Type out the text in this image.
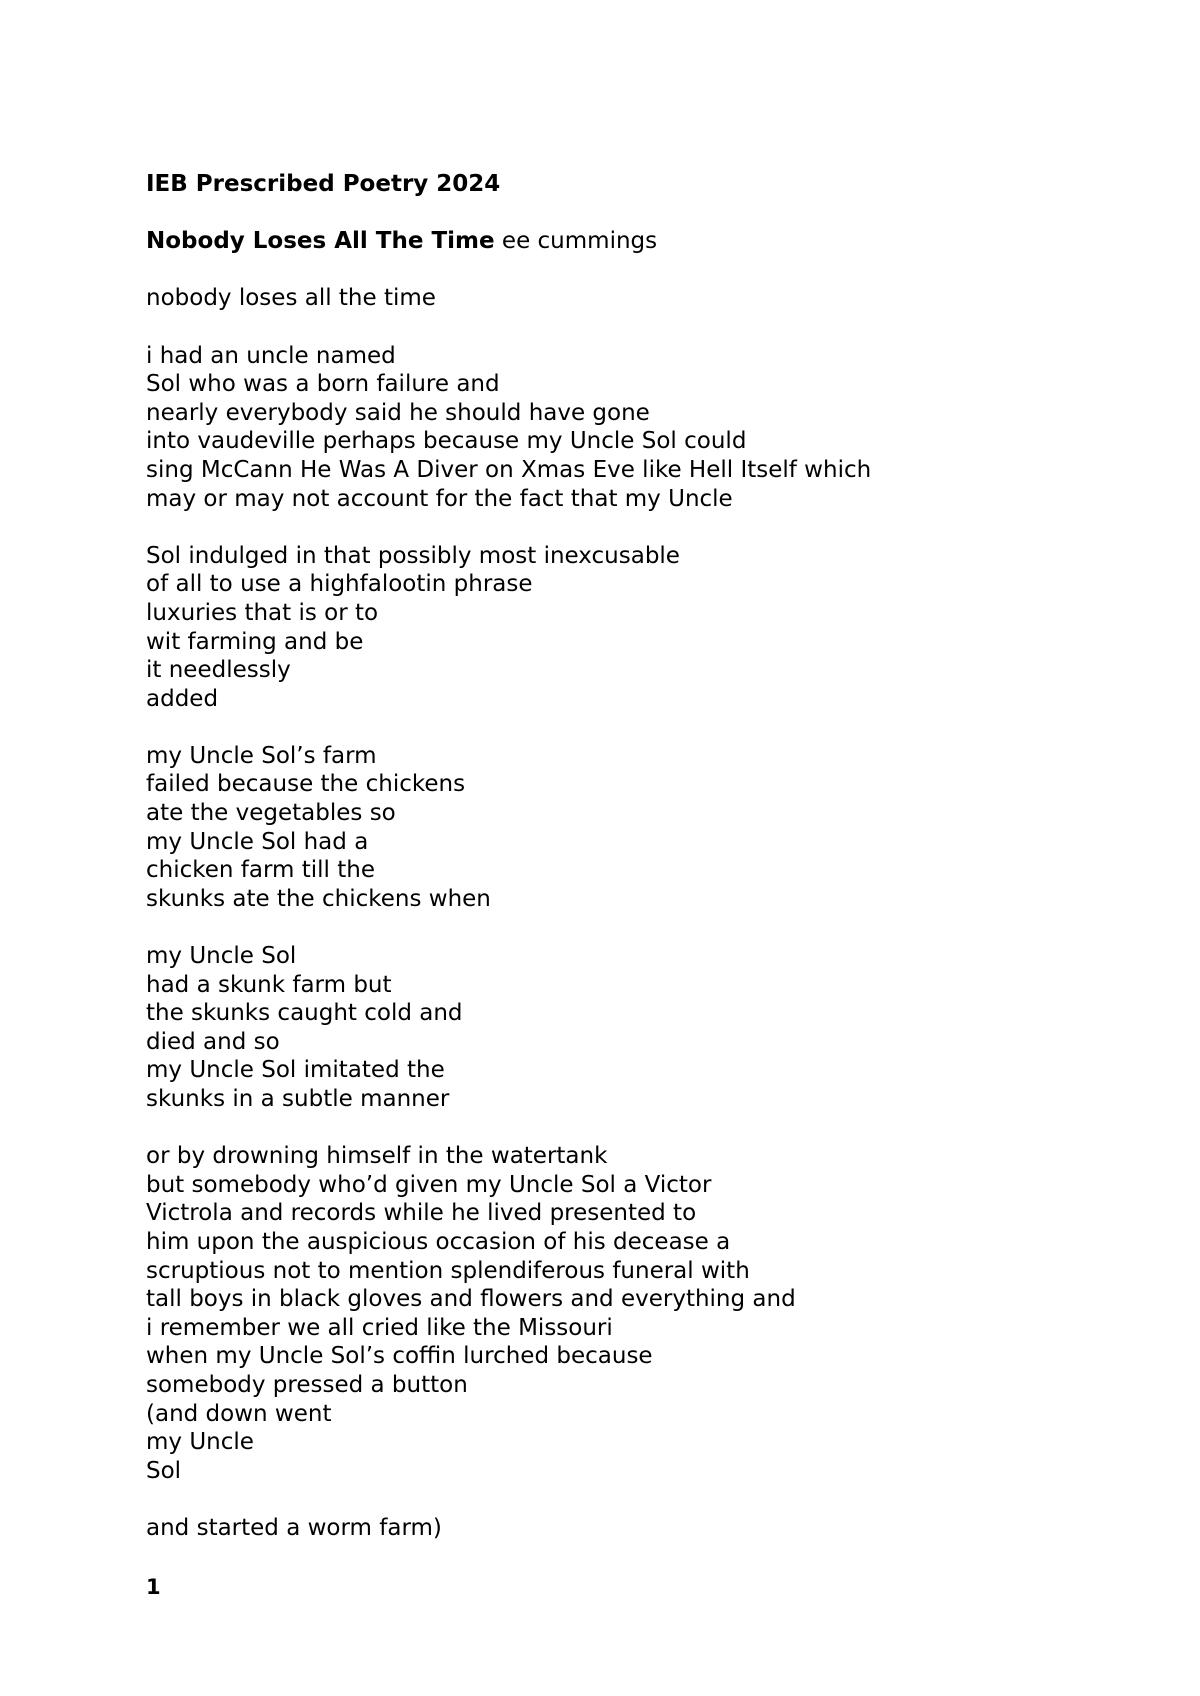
IEB Prescribed Poetry 2024
Nobody Loses All The Time ee cummings
nobody loses all the time
i had an uncle named
Sol who was a born failure and
nearly everybody said he should have gone
into vaudeville perhaps because my Uncle Sol could
sing McCann He Was A Diver on Xmas Eve like Hell Itself which
may or may not account for the fact that my Uncle
Sol indulged in that possibly most inexcusable
of all to use a highfalootin phrase
luxuries that is or to
wit farming and be
it needlessly
added
my Uncle Sol’s farm
failed because the chickens
ate the vegetables so
my Uncle Sol had a
chicken farm till the
skunks ate the chickens when
my Uncle Sol
had a skunk farm but
the skunks caught cold and
died and so
my Uncle Sol imitated the
skunks in a subtle manner
or by drowning himself in the watertank
but somebody who’d given my Uncle Sol a Victor
Victrola and records while he lived presented to
him upon the auspicious occasion of his decease a
scruptious not to mention splendiferous funeral with
tall boys in black gloves and flowers and everything and
i remember we all cried like the Missouri
when my Uncle Sol’s coffin lurched because
somebody pressed a button
(and down went
my Uncle
Sol
and started a worm farm)
1
